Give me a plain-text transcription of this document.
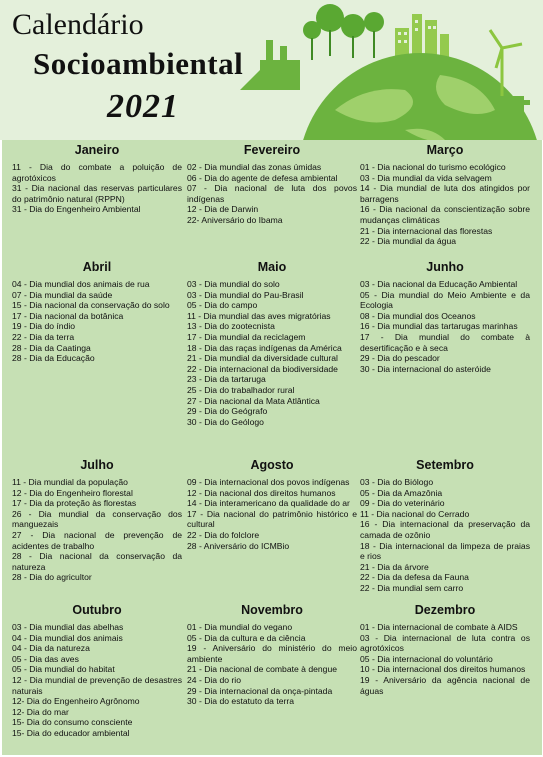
Calendário
Socioambiental
2021
Janeiro
11 - Dia do combate a poluição de agrotóxicos
31 - Dia nacional das reservas particulares do patrimônio natural (RPPN)
31 - Dia do Engenheiro Ambiental
Fevereiro
02 - Dia mundial das zonas úmidas
06 - Dia do agente de defesa ambiental
07 - Dia nacional de luta dos povos indígenas
12 - Dia de Darwin
22- Aniversário do Ibama
Março
01 - Dia nacional do turismo ecológico
03 - Dia mundial da vida selvagem
14 - Dia mundial de luta dos atingidos por barragens
16 - Dia nacional da conscientização sobre mudanças climáticas
21 - Dia internacional das florestas
22 - Dia mundial da água
Abril
04 - Dia mundial dos animais de rua
07 - Dia mundial da saúde
15 - Dia nacional da conservação do solo
17 - Dia nacional da botânica
19 - Dia do índio
22 - Dia da terra
28 - Dia da Caatinga
28 - Dia da Educação
Maio
03 - Dia mundial do solo
03 - Dia mundial do Pau-Brasil
05 - Dia do campo
11 - Dia mundial das aves migratórias
13 - Dia do zootecnista
17 - Dia mundial da reciclagem
18 - Dia das raças indígenas da América
21 - Dia mundial da diversidade cultural
22 - Dia internacional da biodiversidade
23 - Dia da tartaruga
25 - Dia do trabalhador rural
27 - Dia nacional da Mata Atlântica
29 - Dia do Geógrafo
30 - Dia do Geólogo
Junho
03 - Dia nacional da Educação Ambiental
05 - Dia mundial do Meio Ambiente e da Ecologia
08 - Dia mundial dos Oceanos
16 - Dia mundial das tartarugas marinhas
17 - Dia mundial do combate à desertificação e à seca
29 - Dia do pescador
30 - Dia internacional do asteróide
Julho
11 - Dia mundial da população
12 - Dia do Engenheiro florestal
17 - Dia da proteção às florestas
26 - Dia mundial da conservação dos manguezais
27 - Dia nacional de prevenção de acidentes de trabalho
28 - Dia nacional da conservação da natureza
28 - Dia do agricultor
Agosto
09 - Dia internacional dos povos indígenas
12 - Dia nacional dos direitos humanos
14 - Dia interamericano da qualidade do ar
17 - Dia nacional do patrimônio histórico e cultural
22 - Dia do folclore
28 - Aniversário do ICMBio
Setembro
03 - Dia do Biólogo
05 - Dia da Amazônia
09 - Dia do veterinário
11 - Dia nacional do Cerrado
16 - Dia internacional da preservação da camada de ozônio
18 - Dia internacional da limpeza de praias e rios
21 - Dia da árvore
22 - Dia da defesa da Fauna
22 - Dia mundial sem carro
Outubro
03 - Dia mundial das abelhas
04 - Dia mundial dos animais
04 - Dia da natureza
05 - Dia das aves
05 - Dia mundial do habitat
12 - Dia mundial de prevenção de desastres naturais
12- Dia do Engenheiro Agrônomo
12- Dia do mar
15- Dia do consumo consciente
15- Dia do educador ambiental
Novembro
01 - Dia mundial do vegano
05 - Dia da cultura e da ciência
19 - Aniversário do ministério do meio ambiente
21 - Dia nacional de combate à dengue
24 - Dia do rio
29 - Dia internacional da onça-pintada
30 - Dia do estatuto da terra
Dezembro
01 - Dia internacional de combate à AIDS
03 - Dia internacional de luta contra os agrotóxicos
05 - Dia internacional do voluntário
10 - Dia internacional dos direitos humanos
19 - Aniversário da agência nacional de águas
